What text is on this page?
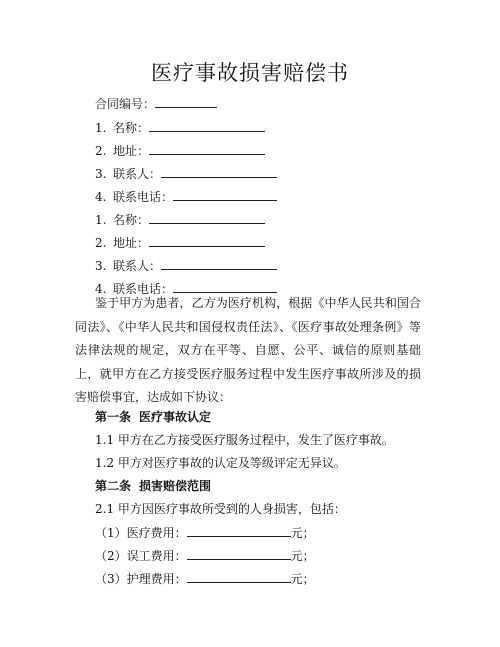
医疗事故损害赔偿书
合同编号：
1. 名称：
2. 地址：
3. 联系人：
4. 联系电话：
1. 名称：
2. 地址：
3. 联系人：
4. 联系电话：
鉴于甲方为患者，乙方为医疗机构，根据《中华人民共和国合同法》、《中华人民共和国侵权责任法》、《医疗事故处理条例》等法律法规的规定，双方在平等、自愿、公平、诚信的原则基础上，就甲方在乙方接受医疗服务过程中发生医疗事故所涉及的损害赔偿事宜，达成如下协议：
第一条 医疗事故认定
1.1 甲方在乙方接受医疗服务过程中，发生了医疗事故。
1.2 甲方对医疗事故的认定及等级评定无异议。
第二条 损害赔偿范围
2.1 甲方因医疗事故所受到的人身损害，包括：
（1）医疗费用：	元；
（2）误工费用：	元；
（3）护理费用：	元；
